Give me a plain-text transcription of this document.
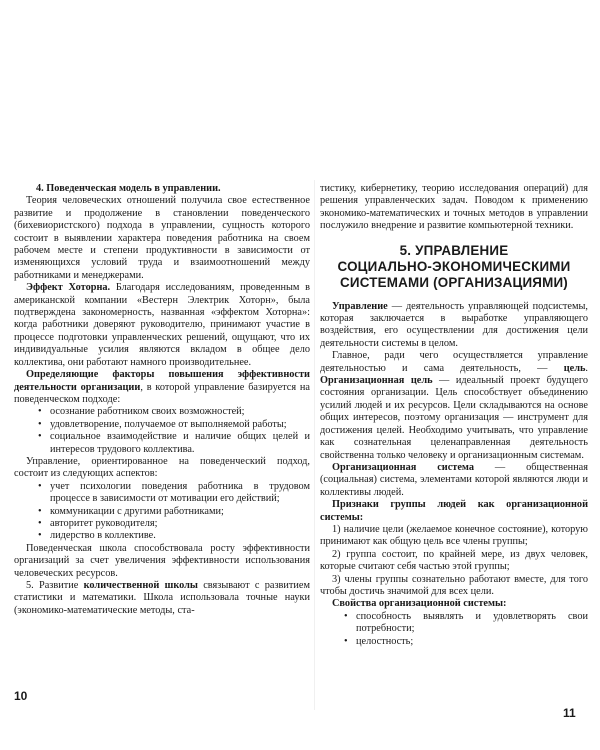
4. Поведенческая модель в управлении.

Теория человеческих отношений получила свое естественное развитие и продолжение в становлении поведенческого (бихевиористского) подхода в управлении, сущность которого состоит в выявлении характера поведения работника на своем рабочем месте и степени продуктивности в зависимости от изменяющихся условий труда и взаимоотношений между работниками и менеджерами.

Эффект Хоторна. Благодаря исследованиям, проведенным в американской компании «Вестерн Электрик Хоторн», была подтверждена закономерность, названная «эффектом Хоторна»: когда работники доверяют руководителю, принимают участие в процессе подготовки управленческих решений, ощущают, что их индивидуальные усилия являются вкладом в общее дело коллектива, они работают намного производительнее.

Определяющие факторы повышения эффективности деятельности организации, в которой управление базируется на поведенческом подходе:

• осознание работником своих возможностей;
• удовлетворение, получаемое от выполняемой работы;
• социальное взаимодействие и наличие общих целей и интересов трудового коллектива.

Управление, ориентированное на поведенческий подход, состоит из следующих аспектов:

• учет психологии поведения работника в трудовом процессе в зависимости от мотивации его действий;
• коммуникации с другими работниками;
• авторитет руководителя;
• лидерство в коллективе.

Поведенческая школа способствовала росту эффективности организаций за счет увеличения эффективности использования человеческих ресурсов.

5. Развитие количественной школы связывают с развитием статистики и математики. Школа использовала точные науки (экономико-математические методы, ста-

10

тистику, кибернетику, теорию исследования операций) для решения управленческих задач. Поводом к применению экономико-математических и точных методов в управлении послужило внедрение и развитие компьютерной техники.

5. УПРАВЛЕНИЕ
СОЦИАЛЬНО-ЭКОНОМИЧЕСКИМИ
СИСТЕМАМИ (ОРГАНИЗАЦИЯМИ)

Управление — деятельность управляющей подсистемы, которая заключается в выработке управляющего воздействия, его осуществлении для достижения цели деятельности системы в целом.

Главное, ради чего осуществляется управление деятельностью и сама деятельность, — цель. Организационная цель — идеальный проект будущего состояния организации. Цель способствует объединению усилий людей и их ресурсов. Цели складываются на основе общих интересов, поэтому организация — инструмент для достижения целей. Необходимо учитывать, что управление как сознательная целенаправленная деятельность свойственна только человеку и организационным системам.

Организационная система — общественная (социальная) система, элементами которой являются люди и коллективы людей.

Признаки группы людей как организационной системы:

1) наличие цели (желаемое конечное состояние), которую принимают как общую цель все члены группы;

2) группа состоит, по крайней мере, из двух человек, которые считают себя частью этой группы;

3) члены группы сознательно работают вместе, для того чтобы достичь значимой для всех цели.

Свойства организационной системы:

• способность выявлять и удовлетворять свои потребности;
• целостность;
11
